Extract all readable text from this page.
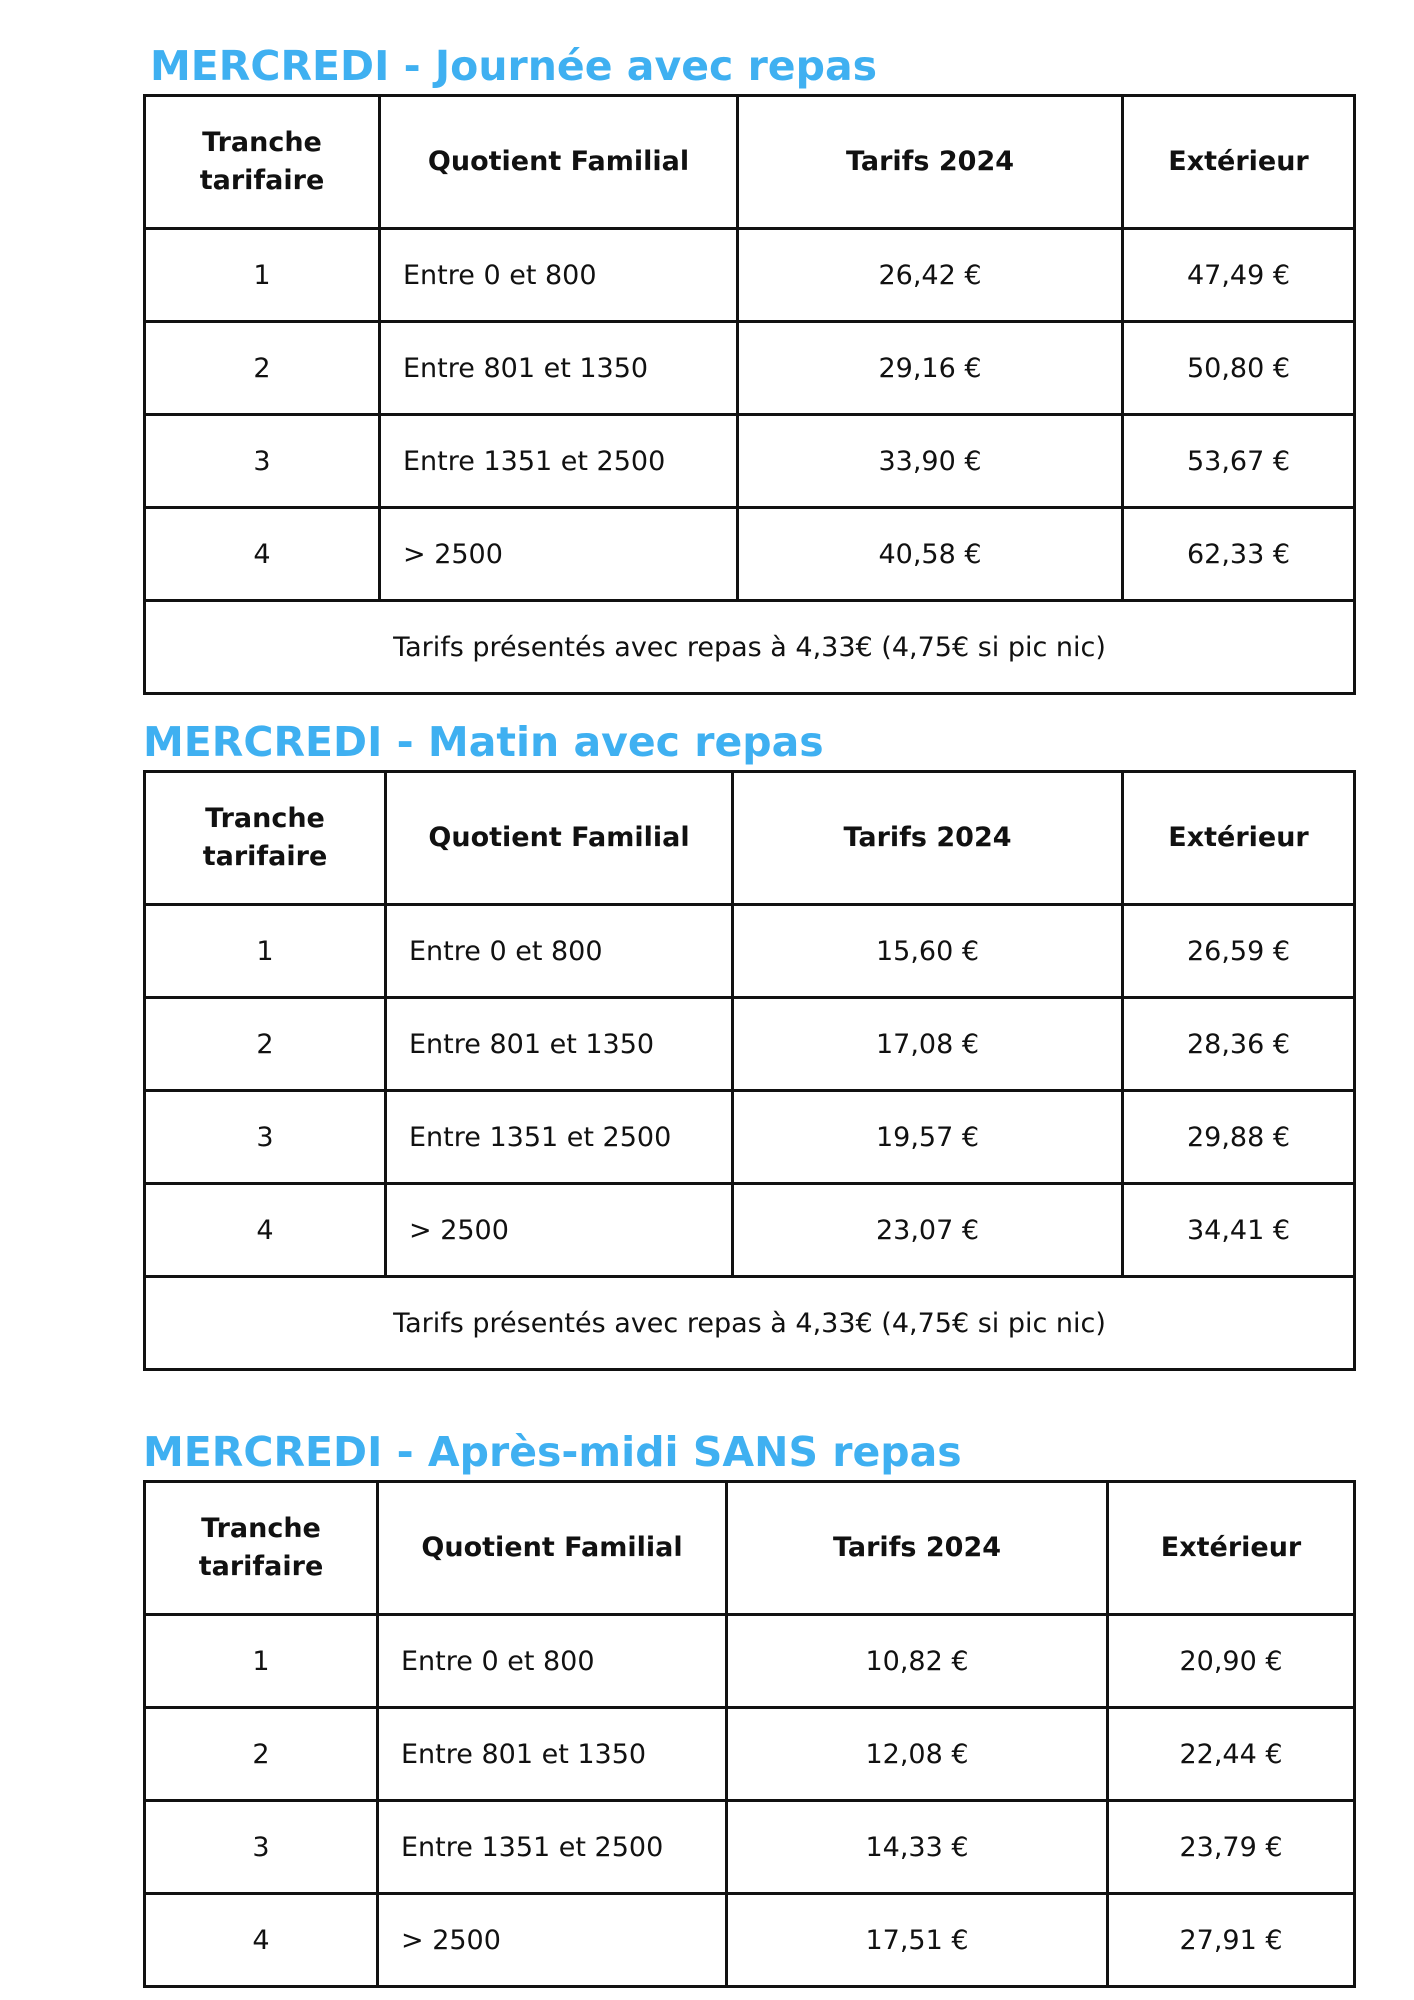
MERCREDI - Journée avec repas
Tranche tarifaire	Quotient Familial	Tarifs 2024	Extérieur
1	Entre 0 et 800	26,42 €	47,49 €
2	Entre 801 et 1350	29,16 €	50,80 €
3	Entre 1351 et 2500	33,90 €	53,67 €
4	> 2500	40,58 €	62,33 €
Tarifs présentés avec repas à 4,33€ (4,75€ si pic nic)			
MERCREDI - Matin avec repas
Tranche tarifaire	Quotient Familial	Tarifs 2024	Extérieur
1	Entre 0 et 800	15,60 €	26,59 €
2	Entre 801 et 1350	17,08 €	28,36 €
3	Entre 1351 et 2500	19,57 €	29,88 €
4	> 2500	23,07 €	34,41 €
Tarifs présentés avec repas à 4,33€ (4,75€ si pic nic)			
MERCREDI - Après-midi SANS repas
Tranche tarifaire	Quotient Familial	Tarifs 2024	Extérieur
1	Entre 0 et 800	10,82 €	20,90 €
2	Entre 801 et 1350	12,08 €	22,44 €
3	Entre 1351 et 2500	14,33 €	23,79 €
4	> 2500	17,51 €	27,91 €
